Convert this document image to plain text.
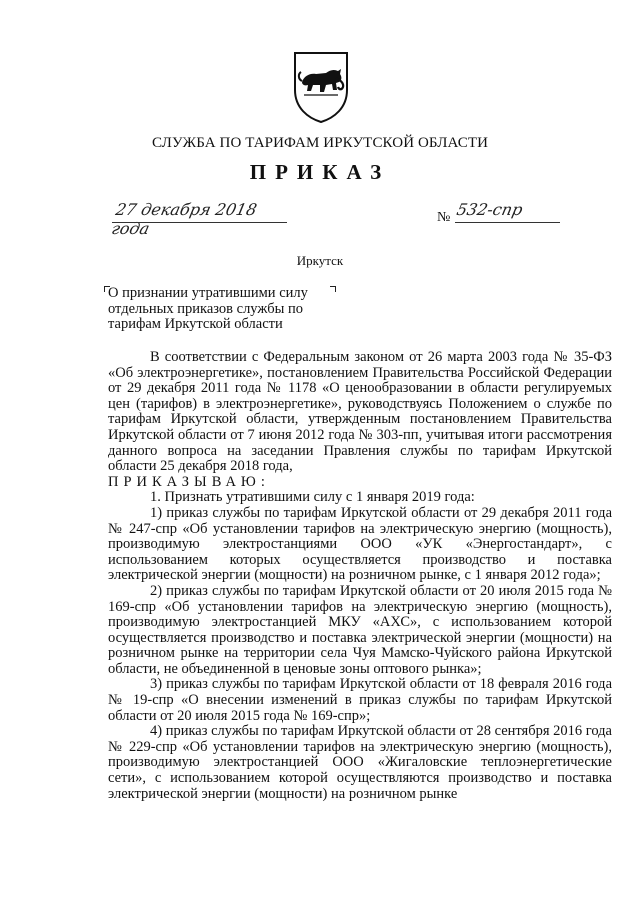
СЛУЖБА ПО ТАРИФАМ ИРКУТСКОЙ ОБЛАСТИ
ПРИКАЗ
27 декабря 2018 года
№ 532-спр
Иркутск

О признании утратившими силу

отдельных приказов службы по

тарифам Иркутской области

В соответствии с Федеральным законом от 26 марта 2003 года № 35-ФЗ «Об электроэнергетике», постановлением Правительства Российской Федерации от 29 декабря 2011 года № 1178 «О ценообразовании в области регулируемых цен (тарифов) в электроэнергетике», руководствуясь Положением о службе по тарифам Иркутской области, утвержденным постановлением Правительства Иркутской области от 7 июня 2012 года № 303-пп, учитывая итоги рассмотрения данного вопроса на заседании Правления службы по тарифам Иркутской области 25 декабря 2018 года,

ПРИКАЗЫВАЮ:

1. Признать утратившими силу с 1 января 2019 года:

1) приказ службы по тарифам Иркутской области от 29 декабря 2011 года № 247-спр «Об установлении тарифов на электрическую энергию (мощность), производимую электростанциями ООО «УК «Энергостандарт», с использованием которых осуществляется производство и поставка электрической энергии (мощности) на розничном рынке, с 1 января 2012 года»;

2) приказ службы по тарифам Иркутской области от 20 июля 2015 года № 169-спр «Об установлении тарифов на электрическую энергию (мощность), производимую электростанцией МКУ «АХС», с использованием которой осуществляется производство и поставка электрической энергии (мощности) на розничном рынке на территории села Чуя Мамско-Чуйского района Иркутской области, не объединенной в ценовые зоны оптового рынка»;

3) приказ службы по тарифам Иркутской области от 18 февраля 2016 года № 19-спр «О внесении изменений в приказ службы по тарифам Иркутской области от 20 июля 2015 года № 169-спр»;

4) приказ службы по тарифам Иркутской области от 28 сентября 2016 года № 229-спр «Об установлении тарифов на электрическую энергию (мощность), производимую электростанцией ООО «Жигаловские теплоэнергетические сети», с использованием которой осуществляются производство и поставка электрической энергии (мощности) на розничном рынке
